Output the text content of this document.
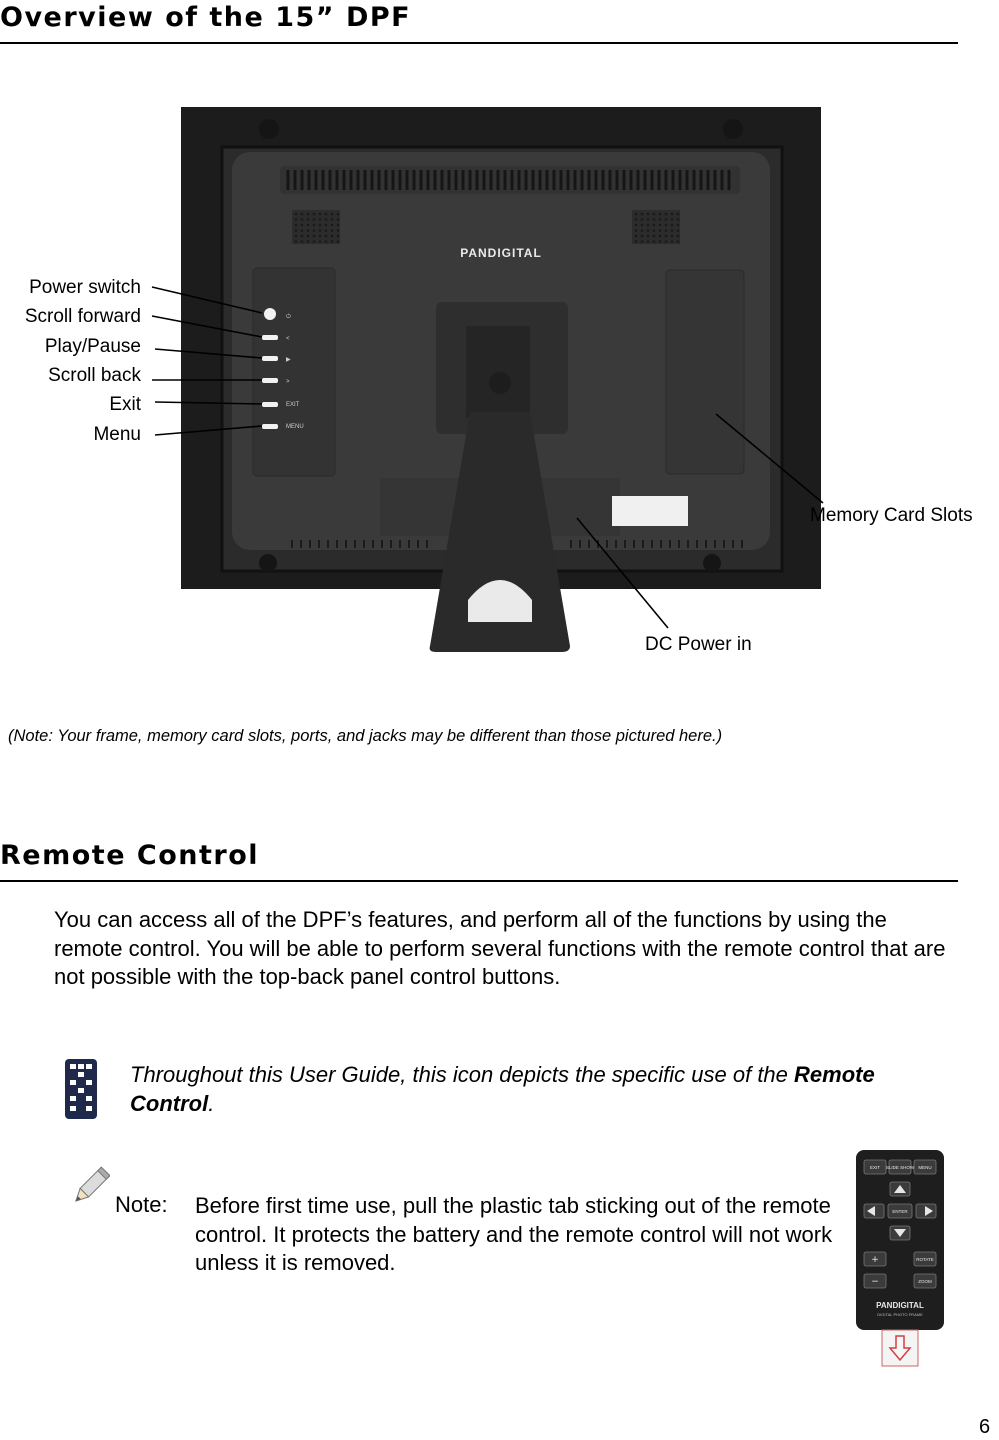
Overview of the 15” DPF
PANDIGITAL
⏻
<
▶
>
EXIT
MENU
Power switch
Scroll forward
Play/Pause
Scroll back
Exit
Menu
Memory Card Slots
DC Power in
(Note: Your frame, memory card slots, ports, and jacks may be different than those pictured here.)
Remote Control
You can access all of the DPF’s features, and perform all of the functions by using the remote control. You will be able to perform several functions with the remote control that are not possible with the top-back panel control buttons.
Throughout this User Guide, this icon depicts the specific use of the Remote Control.
Note: Before first time use, pull the plastic tab sticking out of the remote control. It protects the battery and the remote control will not work unless it is removed.
EXIT SLIDE SHOW MENU
ENTER
ROTATE
ZOOM
+
−
PANDIGITAL
DIGITAL PHOTO FRAME
6
